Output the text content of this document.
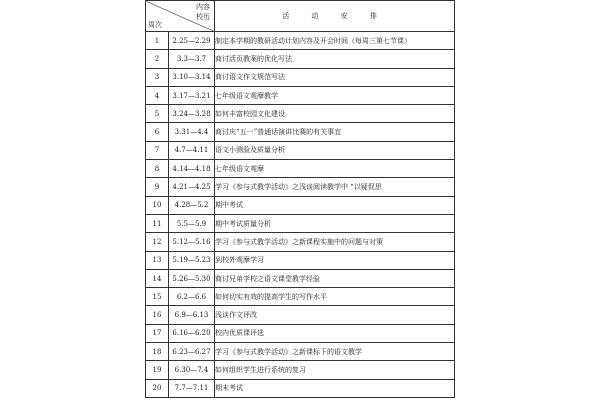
内容
校历
周次		活 动 安 排
1	2.25—2.29	制定本学期的教研活动计划内容及开会时间（每周三第七节课）
2	3.3—3.7	商讨活页教案的优化写法
3	3.10—3.14	商讨语文作文规范写法
4	3.17—3.21	七年级语文观摩教学
5	3.24—3.28	如何丰富校园文化建设
6	3.31—4.4	商讨庆“五一”普通话演讲比赛的有关事宜
7	4.7—4.11	语文小测验及质量分析
8	4.14—4.18	七年级语文观摩
9	4.21—4.25	学习《参与式教学活动》之浅谈阅读教学中 “以疑促思
10	4.28—5.2	期中考试
11	5.5—5.9	期中考试质量分析
12	5.12—5.16	学习《参与式教学活动》之新课程实施中的问题与对策
13	5.19—5.23	到校外观摩学习
14	5.26—5.30	商讨兄弟学校之语文课堂教学经验
15	6.2—6.6	如何切实有效的提高学生的写作水平
16	6.9—6.13	浅谈作文评改
17	6.16—6.20	校内优质课评选
18	6.23—6.27	学习《参与式教学活动》之新课标下的语文教学
19	6.30—7.4	如何组织学生进行系统的复习
20	7.7—7.11	期末考试
